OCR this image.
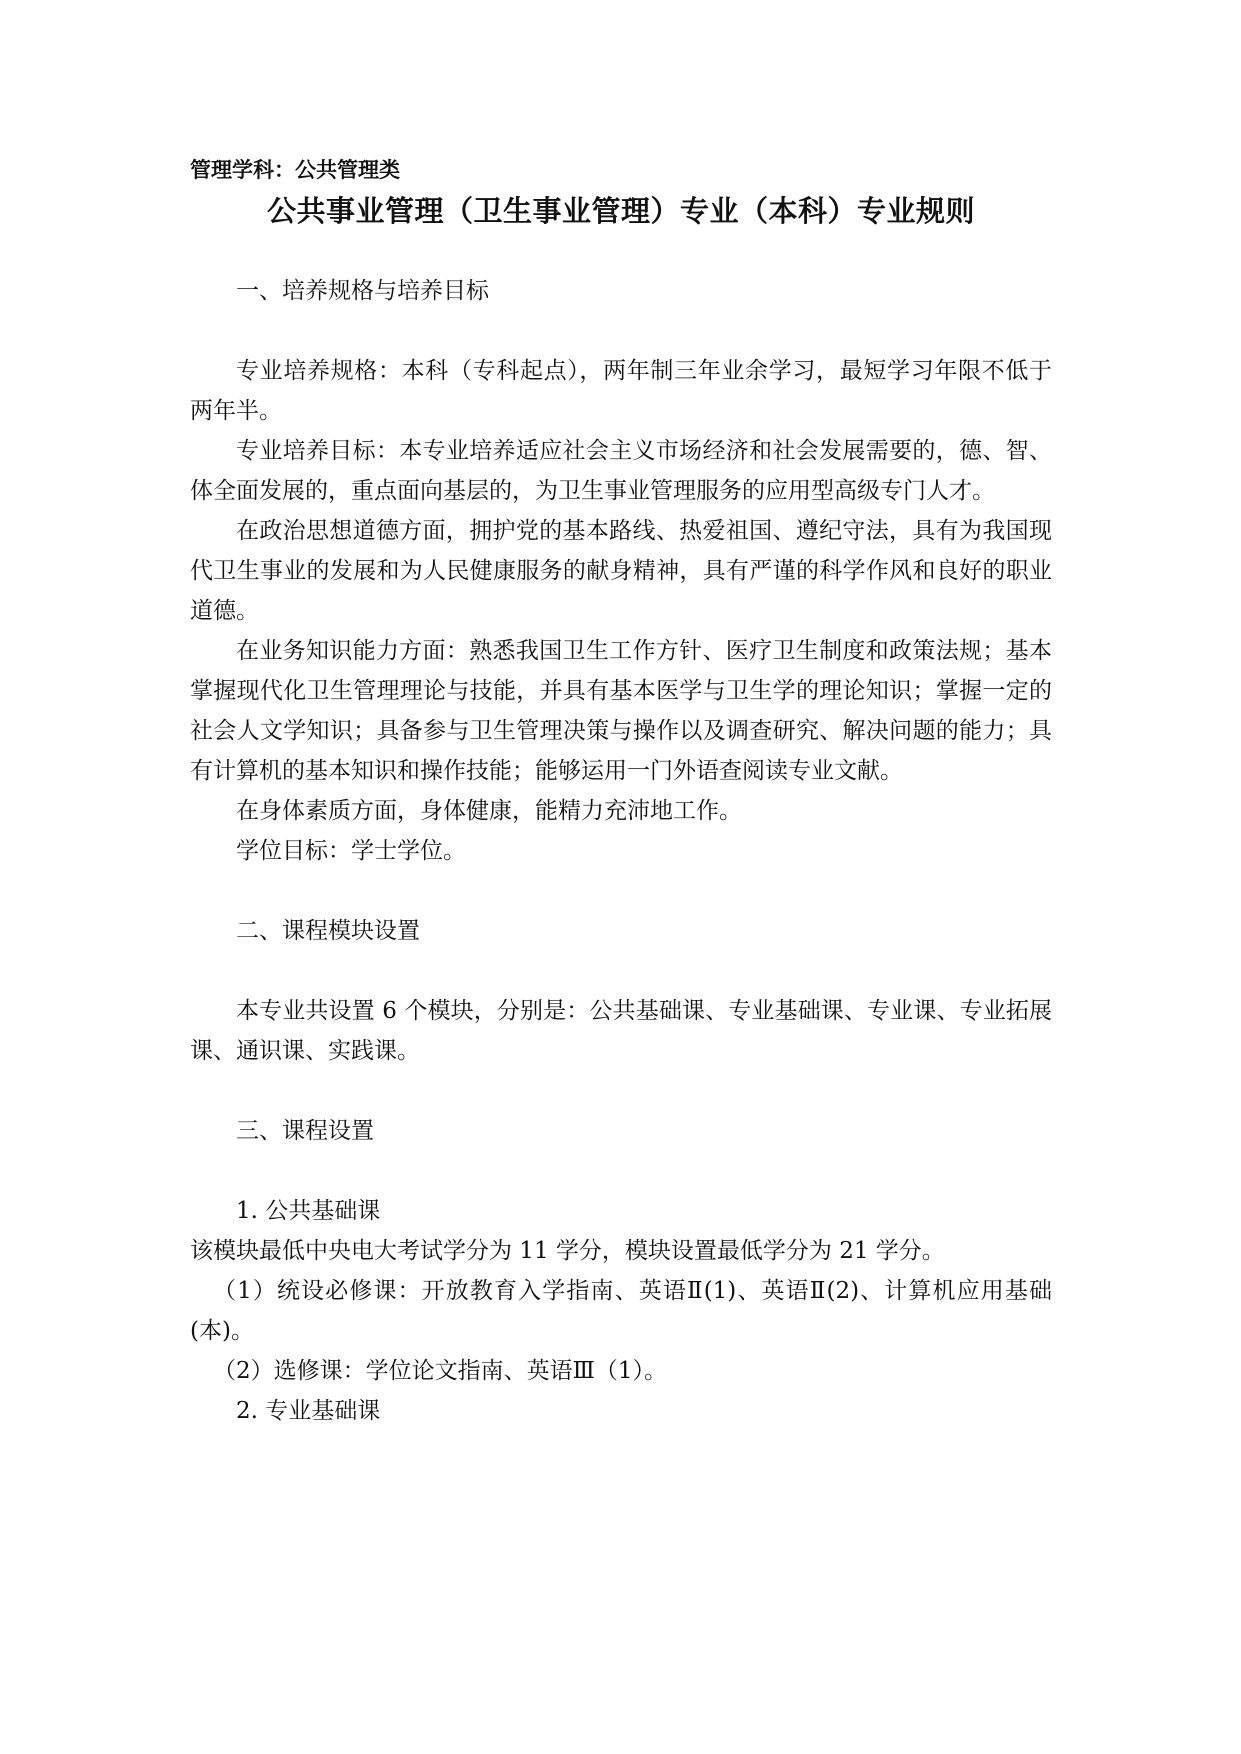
管理学科：公共管理类

公共事业管理（卫生事业管理）专业（本科）专业规则

一、培养规格与培养目标

专业培养规格：本科（专科起点），两年制三年业余学习，最短学习年限不低于两年半。

专业培养目标：本专业培养适应社会主义市场经济和社会发展需要的，德、智、体全面发展的，重点面向基层的，为卫生事业管理服务的应用型高级专门人才。

在政治思想道德方面，拥护党的基本路线、热爱祖国、遵纪守法，具有为我国现代卫生事业的发展和为人民健康服务的献身精神，具有严谨的科学作风和良好的职业道德。

在业务知识能力方面：熟悉我国卫生工作方针、医疗卫生制度和政策法规；基本掌握现代化卫生管理理论与技能，并具有基本医学与卫生学的理论知识；掌握一定的社会人文学知识；具备参与卫生管理决策与操作以及调查研究、解决问题的能力；具有计算机的基本知识和操作技能；能够运用一门外语查阅读专业文献。

在身体素质方面，身体健康，能精力充沛地工作。

学位目标：学士学位。

二、课程模块设置

本专业共设置 6 个模块，分别是：公共基础课、专业基础课、专业课、专业拓展课、通识课、实践课。

三、课程设置

1. 公共基础课

该模块最低中央电大考试学分为 11 学分，模块设置最低学分为 21 学分。

（1）统设必修课：开放教育入学指南、英语Ⅱ(1)、英语Ⅱ(2)、计算机应用基础(本)。

（2）选修课：学位论文指南、英语Ⅲ（1）。

2. 专业基础课
